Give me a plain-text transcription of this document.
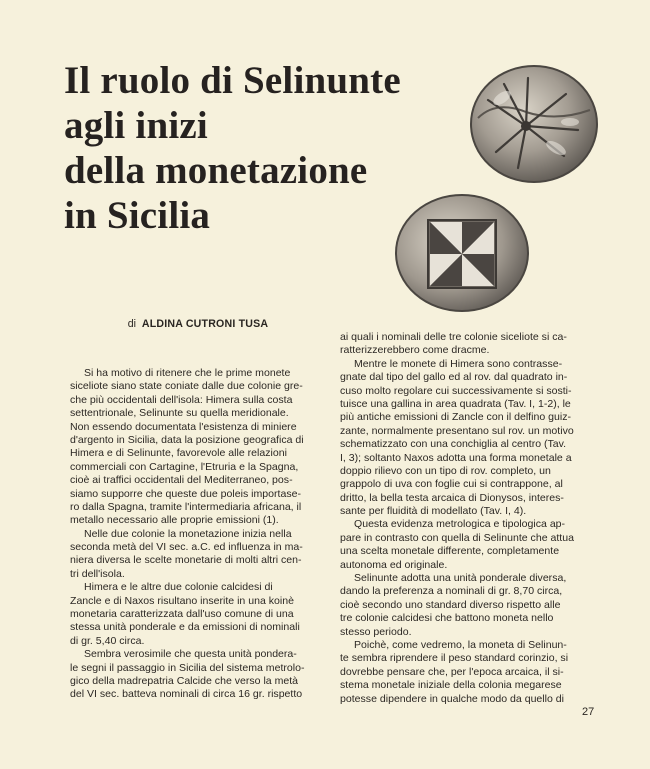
Il ruolo di Selinunte
agli inizi
della monetazione
in Sicilia
di ALDINA CUTRONI TUSA
Si ha motivo di ritenere che le prime monete
siceliote siano state coniate dalle due colonie gre-
che più occidentali dell'isola: Himera sulla costa
settentrionale, Selinunte su quella meridionale.
Non essendo documentata l'esistenza di miniere
d'argento in Sicilia, data la posizione geografica di
Himera e di Selinunte, favorevole alle relazioni
commerciali con Cartagine, l'Etruria e la Spagna,
cioè ai traffici occidentali del Mediterraneo, pos-
siamo supporre che queste due poleis importase-
ro dalla Spagna, tramite l'intermediaria africana, il
metallo necessario alle proprie emissioni (1).
Nelle due colonie la monetazione inizia nella
seconda metà del VI sec. a.C. ed influenza in ma-
niera diversa le scelte monetarie di molti altri cen-
tri dell'isola.
Himera e le altre due colonie calcidesi di
Zancle e di Naxos risultano inserite in una koinè
monetaria caratterizzata dall'uso comune di una
stessa unità ponderale e da emissioni di nominali
di gr. 5,40 circa.
Sembra verosimile che questa unità pondera-
le segni il passaggio in Sicilia del sistema metrolo-
gico della madrepatria Calcide che verso la metà
del VI sec. batteva nominali di circa 16 gr. rispetto
ai quali i nominali delle tre colonie siceliote si ca-
ratterizzerebbero come dracme.
Mentre le monete di Himera sono contrasse-
gnate dal tipo del gallo ed al rov. dal quadrato in-
cuso molto regolare cui successivamente si sosti-
tuisce una gallina in area quadrata (Tav. I, 1-2), le
più antiche emissioni di Zancle con il delfino guiz-
zante, normalmente presentano sul rov. un motivo
schematizzato con una conchiglia al centro (Tav.
I, 3); soltanto Naxos adotta una forma monetale a
doppio rilievo con un tipo di rov. completo, un
grappolo di uva con foglie cui si contrappone, al
dritto, la bella testa arcaica di Dionysos, interes-
sante per fluidità di modellato (Tav. I, 4).
Questa evidenza metrologica e tipologica ap-
pare in contrasto con quella di Selinunte che attua
una scelta monetale differente, completamente
autonoma ed originale.
Selinunte adotta una unità ponderale diversa,
dando la preferenza a nominali di gr. 8,70 circa,
cioè secondo uno standard diverso rispetto alle
tre colonie calcidesi che battono moneta nello
stesso periodo.
Poichè, come vedremo, la moneta di Selinun-
te sembra riprendere il peso standard corinzio, si
dovrebbe pensare che, per l'epoca arcaica, il si-
stema monetale iniziale della colonia megarese
potesse dipendere in qualche modo da quello di
27
